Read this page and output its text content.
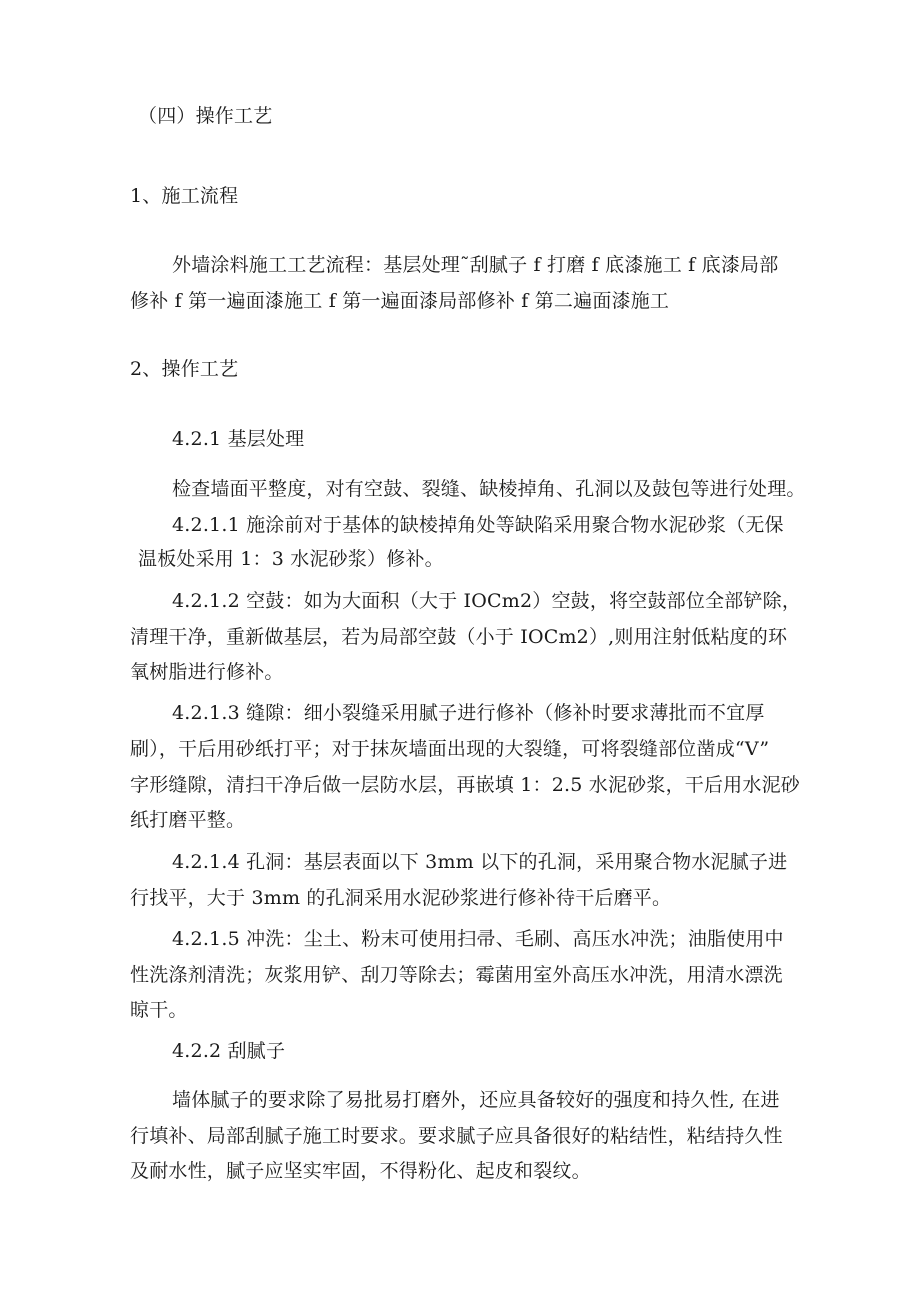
（四）操作工艺
1、施工流程
外墙涂料施工工艺流程：基层处理˜刮腻子 f 打磨 f 底漆施工 f 底漆局部
修补 f 第一遍面漆施工 f 第一遍面漆局部修补 f 第二遍面漆施工
2、操作工艺
4.2.1 基层处理
检查墙面平整度，对有空鼓、裂缝、缺棱掉角、孔洞以及鼓包等进行处理。
4.2.1.1 施涂前对于基体的缺棱掉角处等缺陷采用聚合物水泥砂浆（无保
温板处采用 1：3 水泥砂浆）修补。
4.2.1.2 空鼓：如为大面积（大于 IOCm2）空鼓，将空鼓部位全部铲除，
清理干净，重新做基层，若为局部空鼓（小于 IOCm2）,则用注射低粘度的环
氧树脂进行修补。
4.2.1.3 缝隙：细小裂缝采用腻子进行修补（修补时要求薄批而不宜厚
刷），干后用砂纸打平；对于抹灰墙面出现的大裂缝，可将裂缝部位凿成“V”
字形缝隙，清扫干净后做一层防水层，再嵌填 1：2.5 水泥砂浆，干后用水泥砂
纸打磨平整。
4.2.1.4 孔洞：基层表面以下 3mm 以下的孔洞，采用聚合物水泥腻子进
行找平，大于 3mm 的孔洞采用水泥砂浆进行修补待干后磨平。
4.2.1.5 冲洗：尘土、粉末可使用扫帚、毛刷、高压水冲洗；油脂使用中
性洗涤剂清洗；灰浆用铲、刮刀等除去；霉菌用室外高压水冲洗，用清水漂洗
晾干。
4.2.2 刮腻子
墙体腻子的要求除了易批易打磨外，还应具备较好的强度和持久性, 在进
行填补、局部刮腻子施工时要求。要求腻子应具备很好的粘结性，粘结持久性
及耐水性，腻子应坚实牢固，不得粉化、起皮和裂纹。
